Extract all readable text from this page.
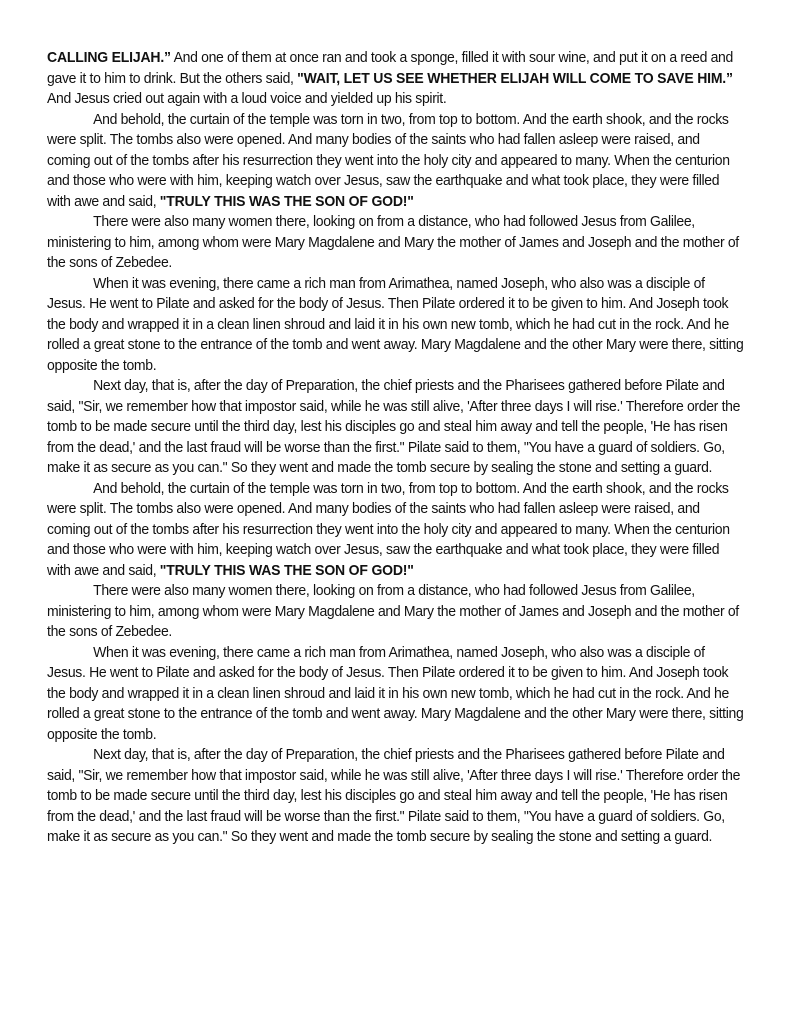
CALLING ELIJAH.” And one of them at once ran and took a sponge, filled it with sour wine, and put it on a reed and gave it to him to drink. But the others said, "WAIT, LET US SEE WHETHER ELIJAH WILL COME TO SAVE HIM.” And Jesus cried out again with a loud voice and yielded up his spirit.

And behold, the curtain of the temple was torn in two, from top to bottom. And the earth shook, and the rocks were split. The tombs also were opened. And many bodies of the saints who had fallen asleep were raised, and coming out of the tombs after his resurrection they went into the holy city and appeared to many. When the centurion and those who were with him, keeping watch over Jesus, saw the earthquake and what took place, they were filled with awe and said, "TRULY THIS WAS THE SON OF GOD!"

There were also many women there, looking on from a distance, who had followed Jesus from Galilee, ministering to him, among whom were Mary Magdalene and Mary the mother of James and Joseph and the mother of the sons of Zebedee.

When it was evening, there came a rich man from Arimathea, named Joseph, who also was a disciple of Jesus. He went to Pilate and asked for the body of Jesus. Then Pilate ordered it to be given to him. And Joseph took the body and wrapped it in a clean linen shroud and laid it in his own new tomb, which he had cut in the rock. And he rolled a great stone to the entrance of the tomb and went away. Mary Magdalene and the other Mary were there, sitting opposite the tomb.

Next day, that is, after the day of Preparation, the chief priests and the Pharisees gathered before Pilate and said, "Sir, we remember how that impostor said, while he was still alive, 'After three days I will rise.' Therefore order the tomb to be made secure until the third day, lest his disciples go and steal him away and tell the people, 'He has risen from the dead,' and the last fraud will be worse than the first." Pilate said to them, "You have a guard of soldiers. Go, make it as secure as you can." So they went and made the tomb secure by sealing the stone and setting a guard.

And behold, the curtain of the temple was torn in two, from top to bottom. And the earth shook, and the rocks were split. The tombs also were opened. And many bodies of the saints who had fallen asleep were raised, and coming out of the tombs after his resurrection they went into the holy city and appeared to many. When the centurion and those who were with him, keeping watch over Jesus, saw the earthquake and what took place, they were filled with awe and said, "TRULY THIS WAS THE SON OF GOD!"

There were also many women there, looking on from a distance, who had followed Jesus from Galilee, ministering to him, among whom were Mary Magdalene and Mary the mother of James and Joseph and the mother of the sons of Zebedee.

When it was evening, there came a rich man from Arimathea, named Joseph, who also was a disciple of Jesus. He went to Pilate and asked for the body of Jesus. Then Pilate ordered it to be given to him. And Joseph took the body and wrapped it in a clean linen shroud and laid it in his own new tomb, which he had cut in the rock. And he rolled a great stone to the entrance of the tomb and went away. Mary Magdalene and the other Mary were there, sitting opposite the tomb.

Next day, that is, after the day of Preparation, the chief priests and the Pharisees gathered before Pilate and said, "Sir, we remember how that impostor said, while he was still alive, 'After three days I will rise.' Therefore order the tomb to be made secure until the third day, lest his disciples go and steal him away and tell the people, 'He has risen from the dead,' and the last fraud will be worse than the first." Pilate said to them, "You have a guard of soldiers. Go, make it as secure as you can." So they went and made the tomb secure by sealing the stone and setting a guard.
